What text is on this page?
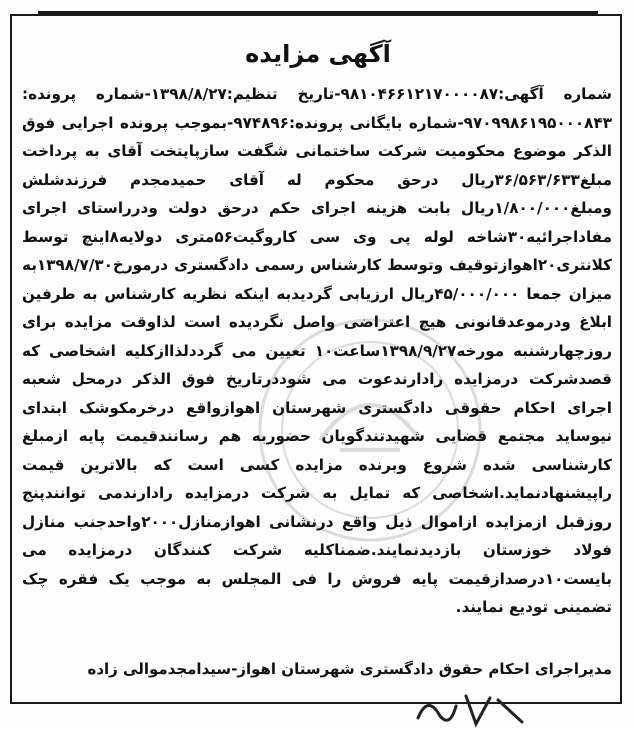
آگهی مزایده

شماره آگهی:۹۸۱۰۴۶۶۱۲۱۷۰۰۰۰۸۷-تاریخ تنظیم:۱۳۹۸/۸/۲۷-شماره پرونده: ۹۷۰۹۹۸۶۱۹۵۰۰۰۸۴۳-شماره بایگانی پرونده:۹۷۴۸۹۶-بموجب پرونده اجرایی فوق الذکر موضوع محکومیت شرکت ساختمانی شگفت سازپایتخت آقای به پرداخت مبلغ۳۶/۵۶۳/۶۳۳ریال درحق محکوم له آقای حمیدمجدم فرزندشلش ومبلغ۱/۸۰۰/۰۰۰ریال بابت هزینه اجرای حکم درحق دولت ودرراستای اجرای مفاداجرائیه۳۰شاخه لوله پی وی سی کاروگیت۵۶متری دولایه۸اینچ توسط کلانتری۲۰اهوازتوقیف وتوسط کارشناس رسمی دادگستری درمورخ۱۳۹۸/۷/۳۰به میزان جمعا ۴۵/۰۰۰/۰۰۰ریال ارزیابی گردیدبه اینکه نظریه کارشناس به طرفین ابلاغ ودرموعدقانونی هیچ اعتراضی واصل نگردیده است لذاوقت مزایده برای روزچهارشنبه مورخه۱۳۹۸/۹/۲۷ساعت۱۰ تعیین می گرددلذاازکلیه اشخاصی که قصدشرکت درمزایده رادارندعوت می شوددرتاریخ فوق الذکر درمحل شعبه اجرای احکام حقوقی دادگستری شهرستان اهوازواقع درخرمکوشک ابتدای نیوساید مجتمع قضایی شهیدتندگویان حضوربه هم رسانندقیمت پایه ازمبلغ کارشناسی شده شروع وبرنده مزایده کسی است که بالاترین قیمت راپیشنهادنماید.اشخاصی که تمایل به شرکت درمزایده رادارندمی توانندپنج روزقبل ازمزایده ازاموال ذیل واقع درنشانی اهوازمنازل۲۰۰۰واحدجنب منازل فولاد خوزستان بازدیدنمایند.ضمناکلیه شرکت کنندگان درمزایده می بایست۱۰درصدازقیمت پایه فروش را فی المجلس به موجب یک فقره چک تضمینی تودیع نمایند.

مدیراجرای احکام حقوق دادگستری شهرستان اهواز-سیدامجدموالی زاده
